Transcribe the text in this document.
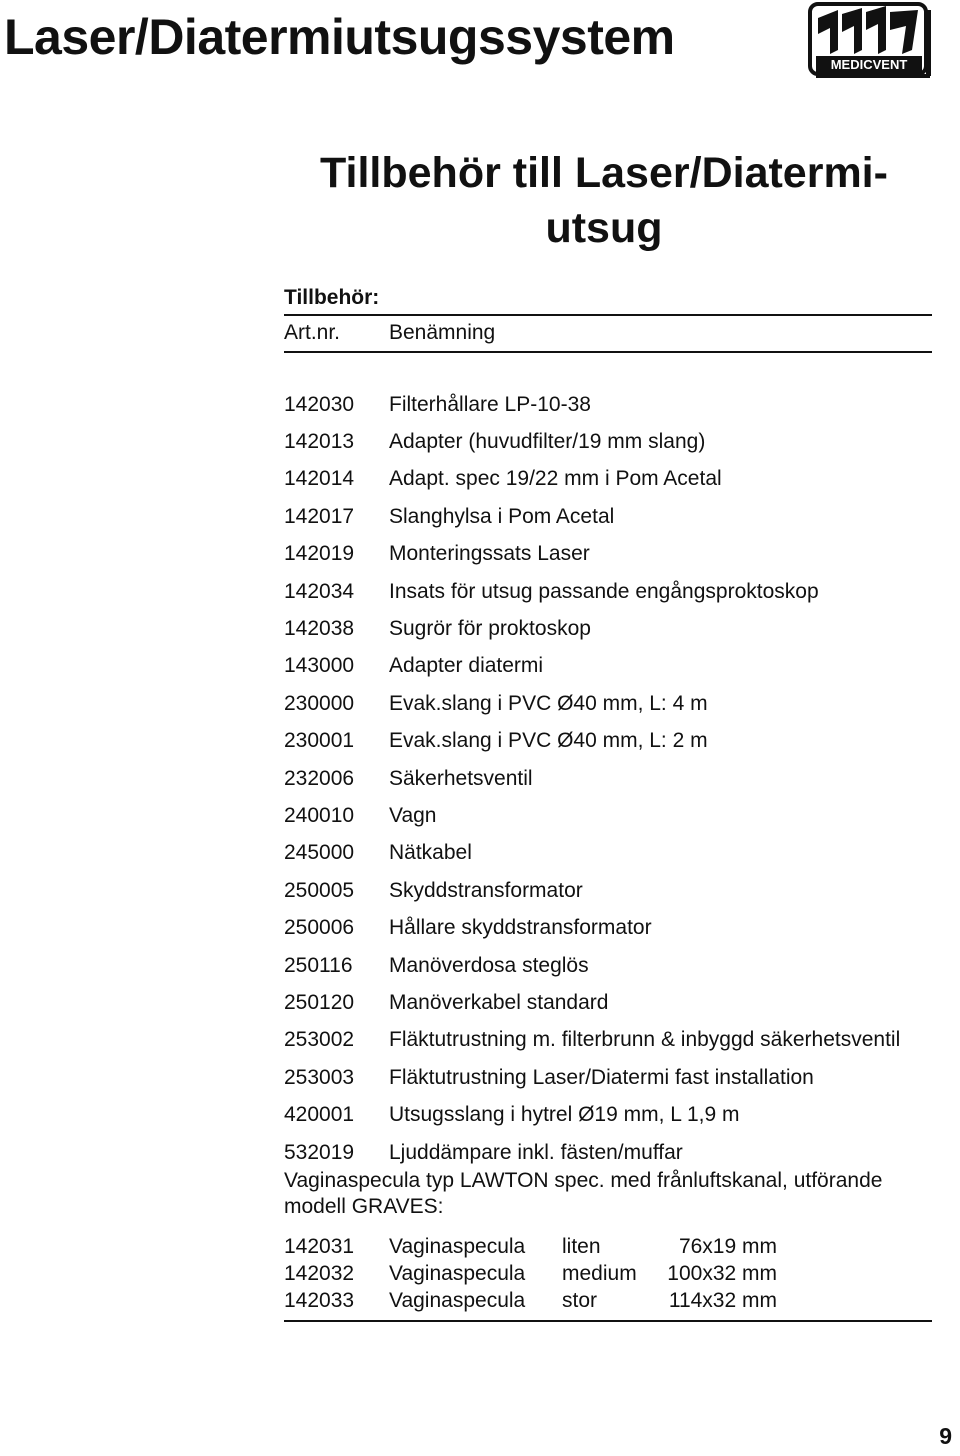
Laser/Diatermiutsugssystem	MEDICVENT
Tillbehör till Laser/Diatermi-
utsug
Tillbehör:
Art.nr. Benämning
142030	Filterhållare LP-10-38
142013	Adapter (huvudfilter/19 mm slang)
142014	Adapt. spec 19/22 mm i Pom Acetal
142017	Slanghylsa i Pom Acetal
142019	Monteringssats Laser
142034	Insats för utsug passande engångsproktoskop
142038	Sugrör för proktoskop
143000	Adapter diatermi
230000	Evak.slang i PVC Ø40 mm, L: 4 m
230001	Evak.slang i PVC Ø40 mm, L: 2 m
232006	Säkerhetsventil
240010	Vagn
245000	Nätkabel
250005	Skyddstransformator
250006	Hållare skyddstransformator
250116	Manöverdosa steglös
250120	Manöverkabel standard
253002	Fläktutrustning m. filterbrunn & inbyggd säkerhetsventil
253003	Fläktutrustning Laser/Diatermi fast installation
420001	Utsugsslang i hytrel Ø19 mm, L 1,9 m
532019	Ljuddämpare inkl. fästen/muffar
Vaginaspecula typ LAWTON spec. med frånluftskanal, utförande modell GRAVES:
142031	Vaginaspecula	liten	76x19 mm
142032	Vaginaspecula	medium	100x32 mm
142033	Vaginaspecula	stor	114x32 mm
9
